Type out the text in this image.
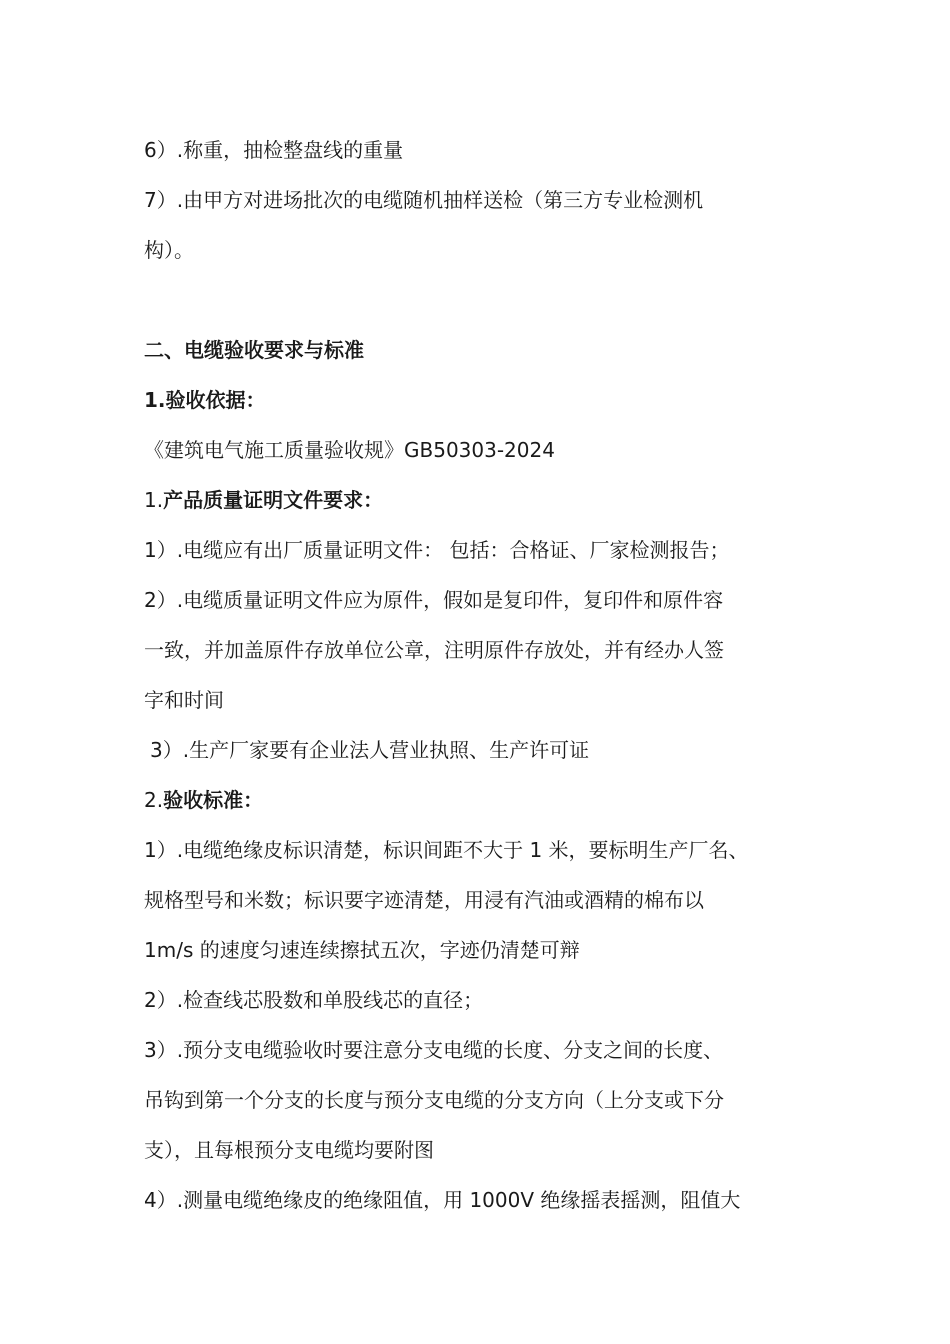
6）.称重，抽检整盘线的重量
7）.由甲方对进场批次的电缆随机抽样送检（第三方专业检测机
构）。
二、电缆验收要求与标准
1.验收依据：
《建筑电气施工质量验收规》GB50303-2024
1.产品质量证明文件要求：
1）.电缆应有出厂质量证明文件： 包括：合格证、厂家检测报告；
2）.电缆质量证明文件应为原件，假如是复印件，复印件和原件容
一致，并加盖原件存放单位公章，注明原件存放处，并有经办人签
字和时间
3）.生产厂家要有企业法人营业执照、生产许可证
2.验收标准：
1）.电缆绝缘皮标识清楚，标识间距不大于 1 米，要标明生产厂名、
规格型号和米数；标识要字迹清楚，用浸有汽油或酒精的棉布以
1m/s 的速度匀速连续擦拭五次，字迹仍清楚可辩
2）.检查线芯股数和单股线芯的直径；
3）.预分支电缆验收时要注意分支电缆的长度、分支之间的长度、
吊钩到第一个分支的长度与预分支电缆的分支方向（上分支或下分
支），且每根预分支电缆均要附图
4）.测量电缆绝缘皮的绝缘阻值，用 1000V 绝缘摇表摇测，阻值大
